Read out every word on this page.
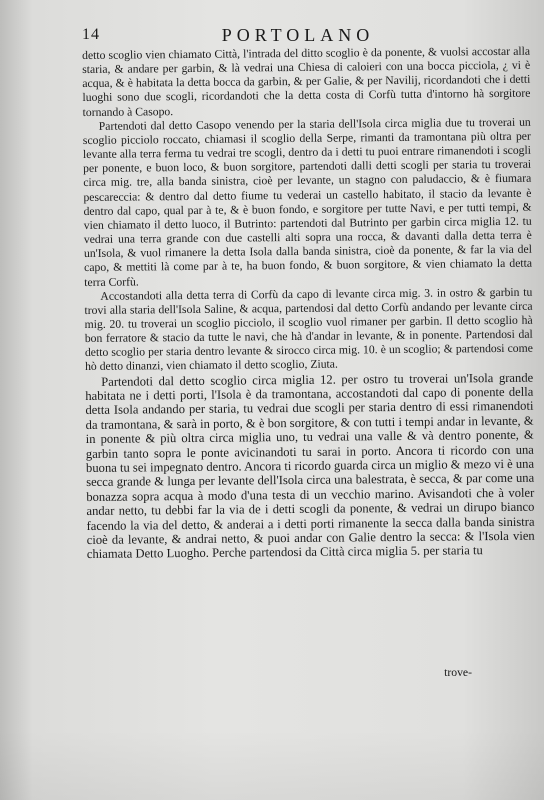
14	PORTOLANO

detto scoglio vien chiamato Città, l'intrada del ditto scoglio è da ponente, & vuolsi accostar alla staria, & andare per garbin, & là vedrai una Chiesa di caloieri con una bocca picciola, ¿ vi è acqua, & è habitata la detta bocca da garbin, & per Galie, & per Navilij, ricordandoti che i detti luoghi sono due scogli, ricordandoti che la detta costa di Corfù tutta d'intorno hà sorgitore tornando à Casopo.

Partendoti dal detto Casopo venendo per la staria dell'Isola circa miglia due tu troverai un scoglio picciolo roccato, chiamasi il scoglio della Serpe, rimanti da tramontana più oltra per levante alla terra ferma tu vedrai tre scogli, dentro da i detti tu puoi entrare rimanendoti i scogli per ponente, e buon loco, & buon sorgitore, partendoti dalli detti scogli per staria tu troverai circa mig. tre, alla banda sinistra, cioè per levante, un stagno con paludaccio, & è fiumara pescareccia: & dentro dal detto fiume tu vederai un castello habitato, il stacio da levante è dentro dal capo, qual par à te, & è buon fondo, e sorgitore per tutte Navi, e per tutti tempi, & vien chiamato il detto luoco, il Butrinto: partendoti dal Butrinto per garbin circa miglia 12. tu vedrai una terra grande con due castelli alti sopra una rocca, & davanti dalla detta terra è un'Isola, & vuol rimanere la detta Isola dalla banda sinistra, cioè da ponente, & far la via del capo, & mettiti là come par à te, ha buon fondo, & buon sorgitore, & vien chiamato la detta terra Corfù.

Accostandoti alla detta terra di Corfù da capo di levante circa mig. 3. in ostro & garbin tu trovi alla staria dell'Isola Saline, & acqua, partendosi dal detto Corfù andando per levante circa mig. 20. tu troverai un scoglio picciolo, il scoglio vuol rimaner per garbin. Il detto scoglio hà bon ferratore & stacio da tutte le navi, che hà d'andar in levante, & in ponente. Partendosi dal detto scoglio per staria dentro levante & sirocco circa mig. 10. è un scoglio; & partendosi come hò detto dinanzi, vien chiamato il detto scoglio, Ziuta.

Partendoti dal detto scoglio circa miglia 12. per ostro tu troverai un'Isola grande habitata ne i detti porti, l'Isola è da tramontana, accostandoti dal capo di ponente della detta Isola andando per staria, tu vedrai due scogli per staria dentro di essi rimanendoti da tramontana, & sarà in porto, & è bon sorgitore, & con tutti i tempi andar in levante, & in ponente & più oltra circa miglia uno, tu vedrai una valle & và dentro ponente, & garbin tanto sopra le ponte avicinandoti tu sarai in porto. Ancora ti ricordo con una buona tu sei impegnato dentro. Ancora ti ricordo guarda circa un miglio & mezo vi è una secca grande & lunga per levante dell'Isola circa una balestrata, è secca, & par come una bonazza sopra acqua à modo d'una testa di un vecchio marino. Avisandoti che à voler andar netto, tu debbi far la via de i detti scogli da ponente, & vedrai un dirupo bianco facendo la via del detto, & anderai a i detti porti rimanente la secca dalla banda sinistra cioè da levante, & andrai netto, & puoi andar con Galie dentro la secca: & l'Isola vien chiamata Detto Luogho. Perche partendosi da Città circa miglia 5. per staria tu

trove-
